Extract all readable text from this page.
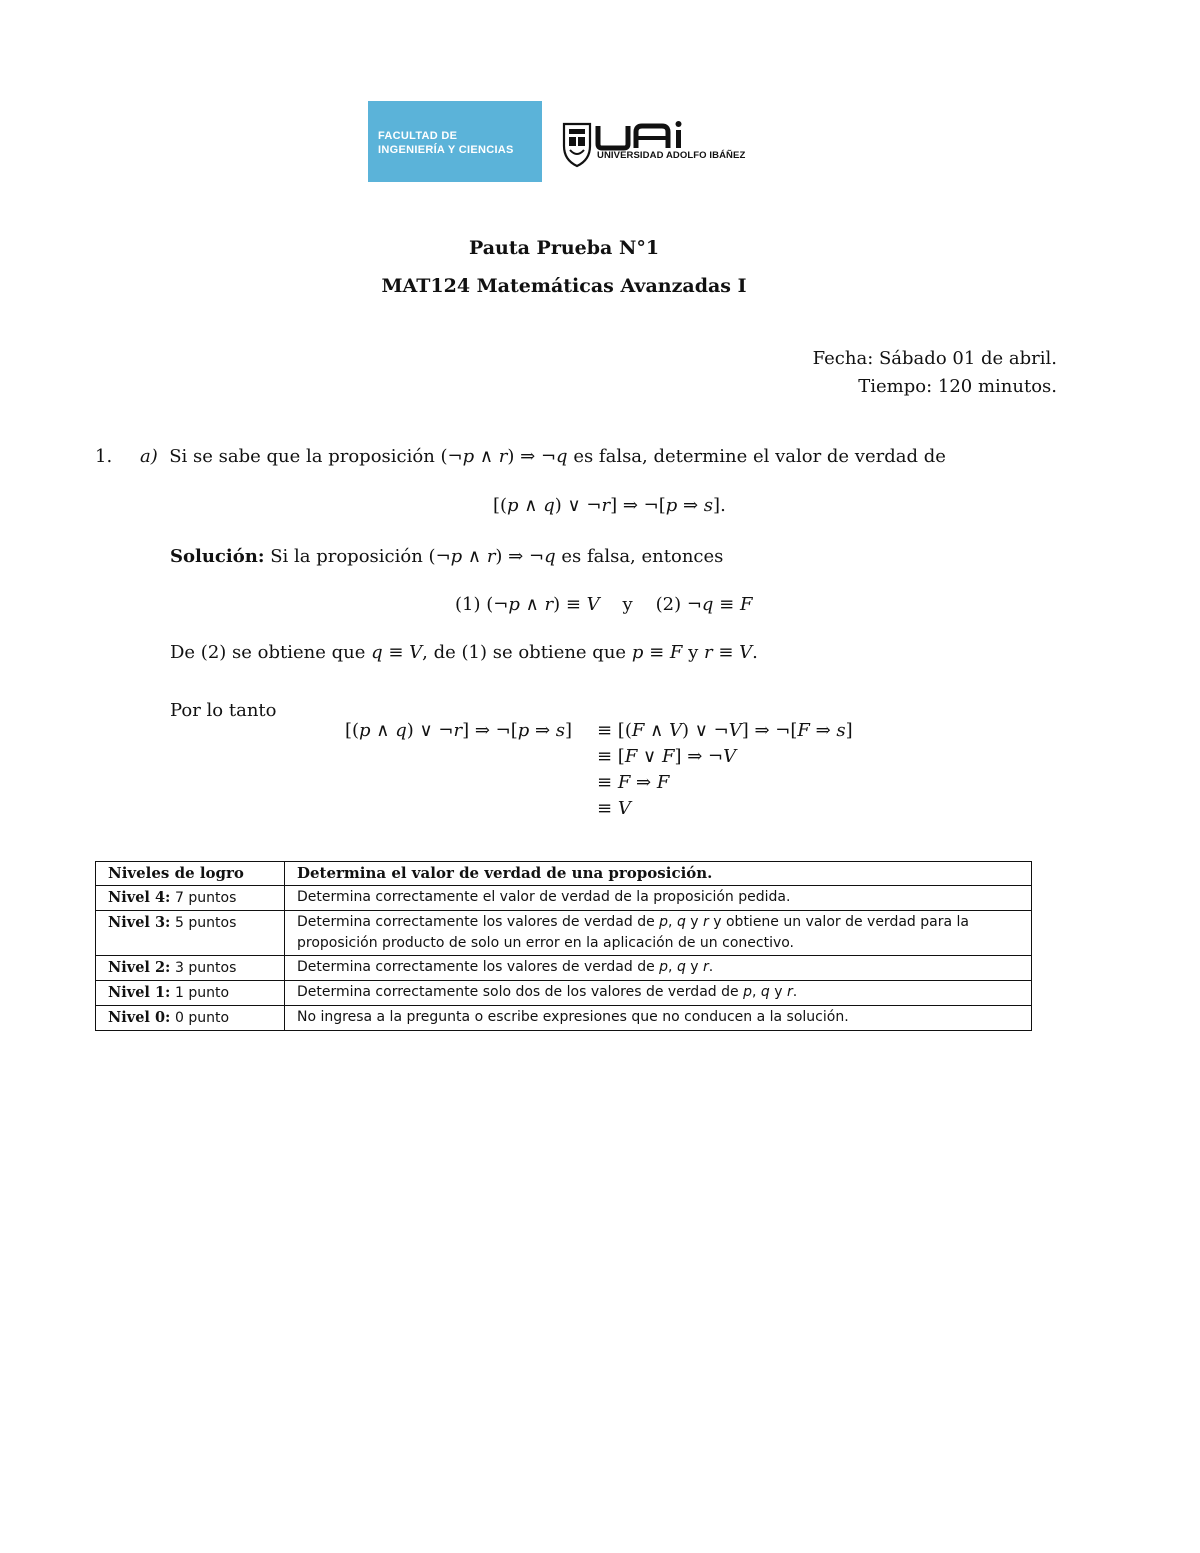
FACULTAD DE
INGENIERÍA Y CIENCIAS	UNIVERSIDAD ADOLFO IBÁÑEZ
Pauta Prueba N°1
MAT124 Matemáticas Avanzadas I
Fecha: Sábado 01 de abril.
Tiempo: 120 minutos.
1. a) Si se sabe que la proposición (¬p ∧ r) ⇒ ¬q es falsa, determine el valor de verdad de
[(p ∧ q) ∨ ¬r] ⇒ ¬[p ⇒ s].
Solución: Si la proposición (¬p ∧ r) ⇒ ¬q es falsa, entonces
(1) (¬p ∧ r) ≡ V y    (2) ¬q ≡ F
De (2) se obtiene que q ≡ V, de (1) se obtiene que p ≡ F y r ≡ V.
Por lo tanto
[(p ∧ q) ∨ ¬r] ⇒ ¬[p ⇒ s] ≡ [(F ∧ V) ∨ ¬V] ⇒ ¬[F ⇒ s]
≡ [F ∨ F] ⇒ ¬V
≡ F ⇒ F
≡ V
Niveles de logro	Determina el valor de verdad de una proposición.
Nivel 4: 7 puntos	Determina correctamente el valor de verdad de la proposición pedida.
Nivel 3: 5 puntos	Determina correctamente los valores de verdad de p, q y r y obtiene un valor de verdad para la proposición producto de solo un error en la aplicación de un conectivo.
Nivel 2: 3 puntos	Determina correctamente los valores de verdad de p, q y r.
Nivel 1: 1 punto	Determina correctamente solo dos de los valores de verdad de p, q y r.
Nivel 0: 0 punto	No ingresa a la pregunta o escribe expresiones que no conducen a la solución.
